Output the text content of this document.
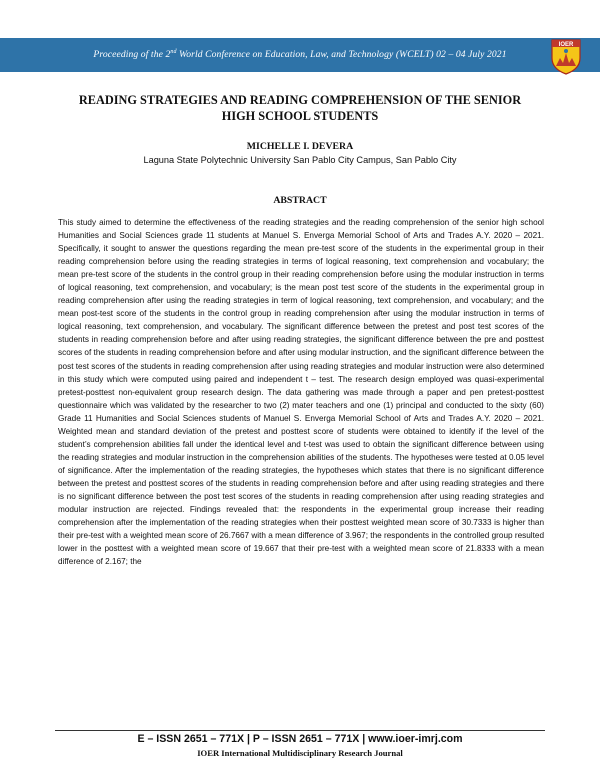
Proceeding of the 2nd World Conference on Education, Law, and Technology (WCELT) 02 – 04 July 2021
IOER
READING STRATEGIES AND READING COMPREHENSION OF THE SENIOR HIGH SCHOOL STUDENTS
MICHELLE I. DEVERA
Laguna State Polytechnic University San Pablo City Campus, San Pablo City
ABSTRACT

This study aimed to determine the effectiveness of the reading strategies and the reading comprehension of the senior high school Humanities and Social Sciences grade 11 students at Manuel S. Enverga Memorial School of Arts and Trades A.Y. 2020 – 2021. Specifically, it sought to answer the questions regarding the mean pre-test score of the students in the experimental group in their reading comprehension before using the reading strategies in terms of logical reasoning, text comprehension and vocabulary; the mean pre-test score of the students in the control group in their reading comprehension before using the modular instruction in terms of logical reasoning, text comprehension, and vocabulary; is the mean post test score of the students in the experimental group in reading comprehension after using the reading strategies in term of logical reasoning, text comprehension, and vocabulary; and the mean post-test score of the students in the control group in reading comprehension after using the modular instruction in terms of logical reasoning, text comprehension, and vocabulary. The significant difference between the pretest and post test scores of the students in reading comprehension before and after using reading strategies, the significant difference between the pre and posttest scores of the students in reading comprehension before and after using modular instruction, and the significant difference between the post test scores of the students in reading comprehension after using reading strategies and modular instruction were also determined in this study which were computed using paired and independent t – test. The research design employed was quasi-experimental pretest-posttest non-equivalent group research design. The data gathering was made through a paper and pen pretest-posttest questionnaire which was validated by the researcher to two (2) mater teachers and one (1) principal and conducted to the sixty (60) Grade 11 Humanities and Social Sciences students of Manuel S. Enverga Memorial School of Arts and Trades A.Y. 2020 – 2021. Weighted mean and standard deviation of the pretest and posttest score of students were obtained to identify if the level of the student’s comprehension abilities fall under the identical level and t-test was used to obtain the significant difference between using the reading strategies and modular instruction in the comprehension abilities of the students. The hypotheses were tested at 0.05 level of significance. After the implementation of the reading strategies, the hypotheses which states that there is no significant difference between the pretest and posttest scores of the students in reading comprehension before and after using reading strategies and there is no significant difference between the post test scores of the students in reading comprehension after using reading strategies and modular instruction are rejected. Findings revealed that: the respondents in the experimental group increase their reading comprehension after the implementation of the reading strategies when their posttest weighted mean score of 30.7333 is higher than their pre-test with a weighted mean score of 26.7667 with a mean difference of 3.967; the respondents in the controlled group resulted lower in the posttest with a weighted mean score of 19.667 that their pre-test with a weighted mean score of 21.8333 with a mean difference of 2.167; the

E – ISSN 2651 – 771X | P – ISSN 2651 – 771X | www.ioer-imrj.com
IOER International Multidisciplinary Research Journal
